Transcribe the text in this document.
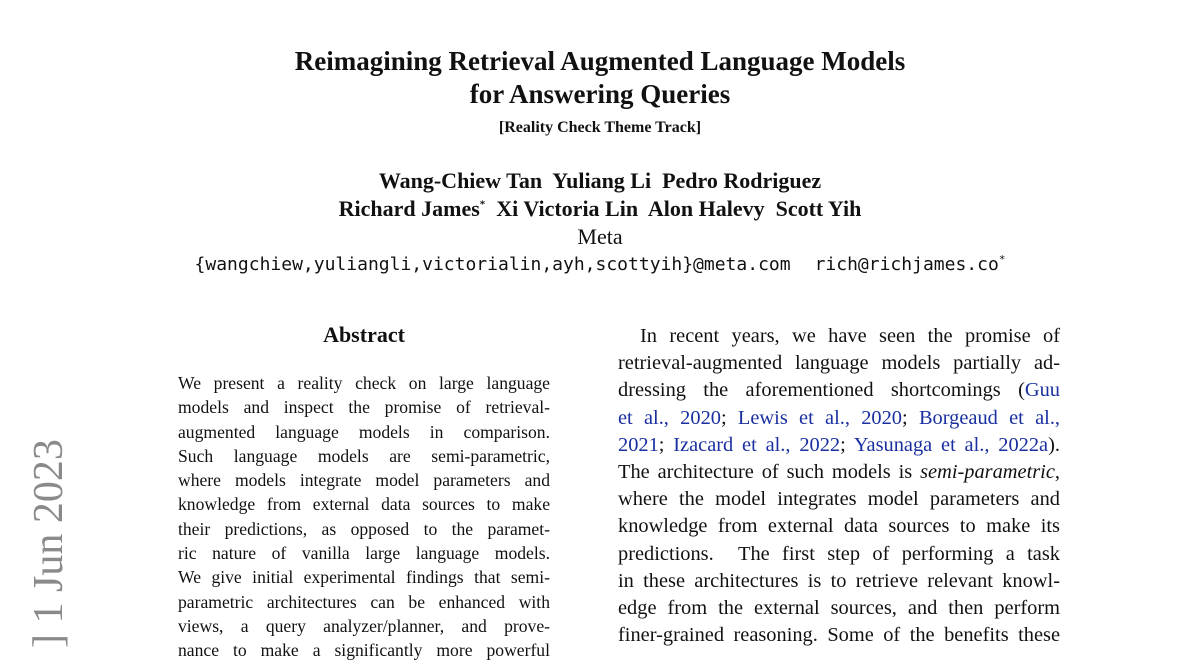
Reimagining Retrieval Augmented Language Models
for Answering Queries
[Reality Check Theme Track]
Wang-Chiew Tan  Yuliang Li  Pedro Rodriguez
Richard James* Xi Victoria Lin  Alon Halevy  Scott Yih
Meta
{wangchiew,yuliangli,victorialin,ayh,scottyih}@meta.com rich@richjames.co*
Abstract
We present a reality check on large language
models and inspect the promise of retrieval-
augmented language models in comparison.
Such language models are semi-parametric,
where models integrate model parameters and
knowledge from external data sources to make
their predictions, as opposed to the paramet-
ric nature of vanilla large language models.
We give initial experimental findings that semi-
parametric architectures can be enhanced with
views, a query analyzer/planner, and prove-
nance to make a significantly more powerful
In recent years, we have seen the promise of
retrieval-augmented language models partially ad-
dressing the aforementioned shortcomings (Guu
et al., 2020; Lewis et al., 2020; Borgeaud et al.,
2021; Izacard et al., 2022; Yasunaga et al., 2022a).
The architecture of such models is semi-parametric,
where the model integrates model parameters and
knowledge from external data sources to make its
predictions.  The first step of performing a task
in these architectures is to retrieve relevant knowl-
edge from the external sources, and then perform
finer-grained reasoning. Some of the benefits these
] 1 Jun 2023
